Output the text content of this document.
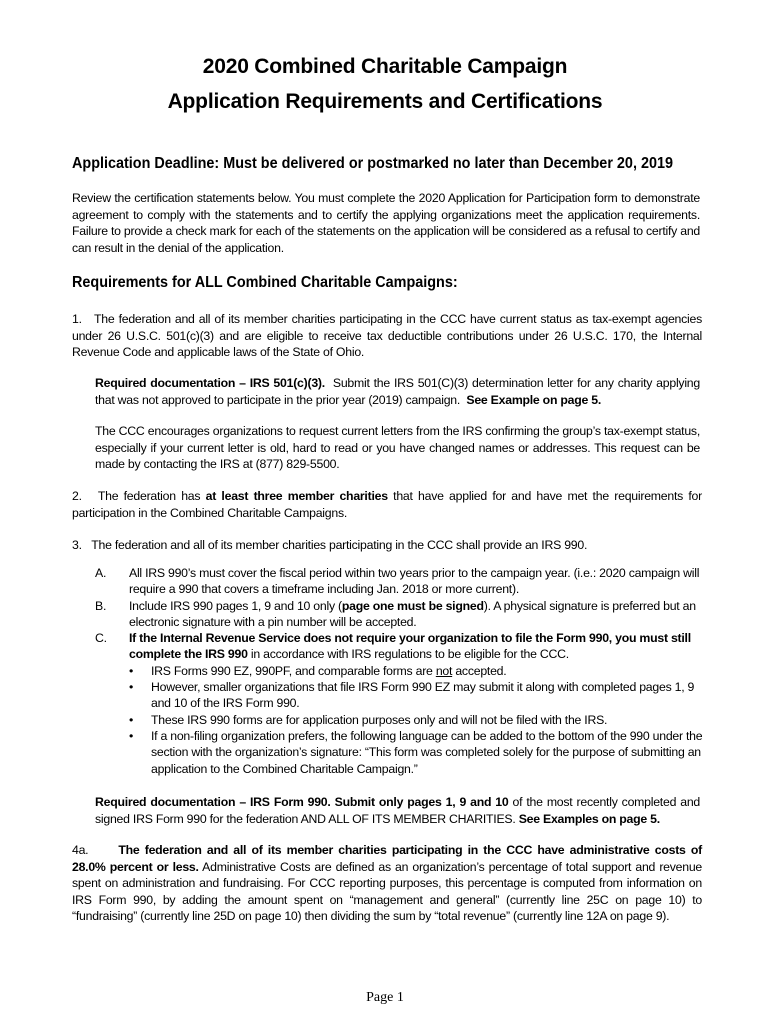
2020 Combined Charitable Campaign
Application Requirements and Certifications
Application Deadline: Must be delivered or postmarked no later than December 20, 2019
Review the certification statements below. You must complete the 2020 Application for Participation form to demonstrate agreement to comply with the statements and to certify the applying organizations meet the application requirements. Failure to provide a check mark for each of the statements on the application will be considered as a refusal to certify and can result in the denial of the application.
Requirements for ALL Combined Charitable Campaigns:
1.   The federation and all of its member charities participating in the CCC have current status as tax-exempt agencies under 26 U.S.C. 501(c)(3) and are eligible to receive tax deductible contributions under 26 U.S.C. 170, the Internal Revenue Code and applicable laws of the State of Ohio.
Required documentation – IRS 501(c)(3). Submit the IRS 501(C)(3) determination letter for any charity applying that was not approved to participate in the prior year (2019) campaign. See Example on page 5.
The CCC encourages organizations to request current letters from the IRS confirming the group’s tax-exempt status, especially if your current letter is old, hard to read or you have changed names or addresses. This request can be made by contacting the IRS at (877) 829-5500.
2.   The federation has at least three member charities that have applied for and have met the requirements for participation in the Combined Charitable Campaigns.
3.   The federation and all of its member charities participating in the CCC shall provide an IRS 990.
A.	All IRS 990’s must cover the fiscal period within two years prior to the campaign year. (i.e.: 2020 campaign will require a 990 that covers a timeframe including Jan. 2018 or more current).
B.	Include IRS 990 pages 1, 9 and 10 only (page one must be signed). A physical signature is preferred but an electronic signature with a pin number will be accepted.
C.	If the Internal Revenue Service does not require your organization to file the Form 990, you must still complete the IRS 990 in accordance with IRS regulations to be eligible for the CCC.
•	IRS Forms 990 EZ, 990PF, and comparable forms are not accepted.
•	However, smaller organizations that file IRS Form 990 EZ may submit it along with completed pages 1, 9 and 10 of the IRS Form 990.
•	These IRS 990 forms are for application purposes only and will not be filed with the IRS.
•	If a non-filing organization prefers, the following language can be added to the bottom of the 990 under the section with the organization’s signature: “This form was completed solely for the purpose of submitting an application to the Combined Charitable Campaign.”
Required documentation – IRS Form 990. Submit only pages 1, 9 and 10 of the most recently completed and signed IRS Form 990 for the federation AND ALL OF ITS MEMBER CHARITIES. See Examples on page 5.
4a. The federation and all of its member charities participating in the CCC have administrative costs of 28.0% percent or less. Administrative Costs are defined as an organization’s percentage of total support and revenue spent on administration and fundraising. For CCC reporting purposes, this percentage is computed from information on IRS Form 990, by adding the amount spent on “management and general” (currently line 25C on page 10) to “fundraising” (currently line 25D on page 10) then dividing the sum by “total revenue” (currently line 12A on page 9).
Page 1
